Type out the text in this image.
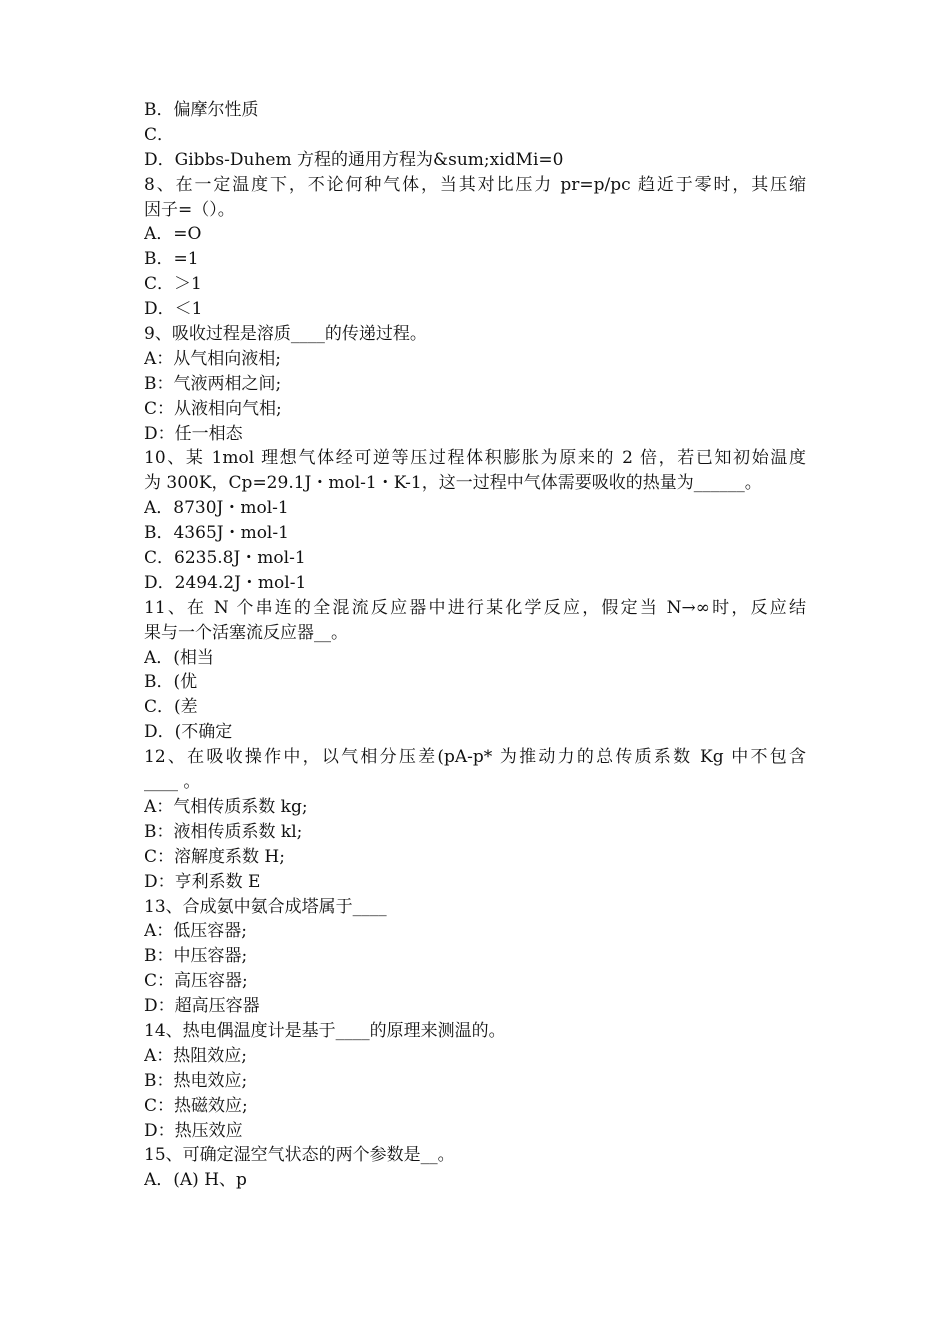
B．偏摩尔性质
C．
D．Gibbs-Duhem 方程的通用方程为&sum;xidMi=0
8、在一定温度下，不论何种气体，当其对比压力 pr=p/pc 趋近于零时，其压缩
因子=（）。
A．=O
B．=1
C．＞1
D．＜1
9、吸收过程是溶质____的传递过程。
A：从气相向液相;
B：气液两相之间;
C：从液相向气相;
D：任一相态
10、某 1mol 理想气体经可逆等压过程体积膨胀为原来的 2 倍，若已知初始温度
为 300K，Cp=29.1J・mol-1・K-1，这一过程中气体需要吸收的热量为______。
A．8730J・mol-1
B．4365J・mol-1
C．6235.8J・mol-1
D．2494.2J・mol-1
11、在 N 个串连的全混流反应器中进行某化学反应，假定当 N→∞时，反应结
果与一个活塞流反应器__。
A．(相当
B．(优
C．(差
D．(不确定
12、在吸收操作中，以气相分压差(pA-p* 为推动力的总传质系数 Kg 中不包含
____ 。
A：气相传质系数 kg;
B：液相传质系数 kl;
C：溶解度系数 H;
D：亨利系数 E
13、合成氨中氨合成塔属于____
A：低压容器;
B：中压容器;
C：高压容器;
D：超高压容器
14、热电偶温度计是基于____的原理来测温的。
A：热阻效应;
B：热电效应;
C：热磁效应;
D：热压效应
15、可确定湿空气状态的两个参数是__。
A．(A) H、p
